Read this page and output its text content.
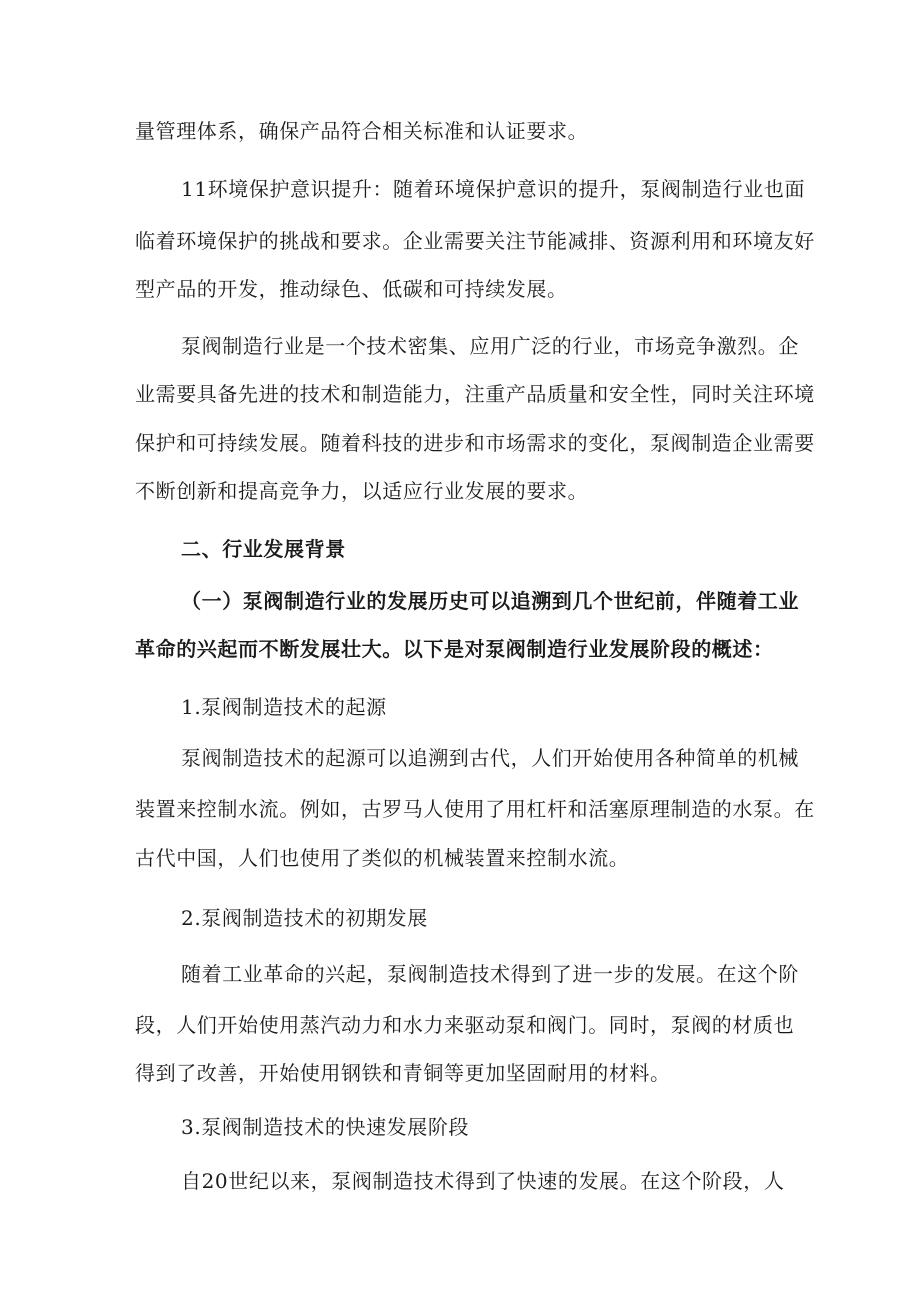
量管理体系，确保产品符合相关标准和认证要求。

11环境保护意识提升：随着环境保护意识的提升，泵阀制造行业也面

临着环境保护的挑战和要求。企业需要关注节能减排、资源利用和环境友好

型产品的开发，推动绿色、低碳和可持续发展。

泵阀制造行业是一个技术密集、应用广泛的行业，市场竞争激烈。企

业需要具备先进的技术和制造能力，注重产品质量和安全性，同时关注环境

保护和可持续发展。随着科技的进步和市场需求的变化，泵阀制造企业需要

不断创新和提高竞争力，以适应行业发展的要求。

二、行业发展背景

（一）泵阀制造行业的发展历史可以追溯到几个世纪前，伴随着工业

革命的兴起而不断发展壮大。以下是对泵阀制造行业发展阶段的概述：

1.泵阀制造技术的起源

泵阀制造技术的起源可以追溯到古代，人们开始使用各种简单的机械

装置来控制水流。例如，古罗马人使用了用杠杆和活塞原理制造的水泵。在

古代中国，人们也使用了类似的机械装置来控制水流。

2.泵阀制造技术的初期发展

随着工业革命的兴起，泵阀制造技术得到了进一步的发展。在这个阶

段，人们开始使用蒸汽动力和水力来驱动泵和阀门。同时，泵阀的材质也

得到了改善，开始使用钢铁和青铜等更加坚固耐用的材料。

3.泵阀制造技术的快速发展阶段

自20世纪以来，泵阀制造技术得到了快速的发展。在这个阶段，人
